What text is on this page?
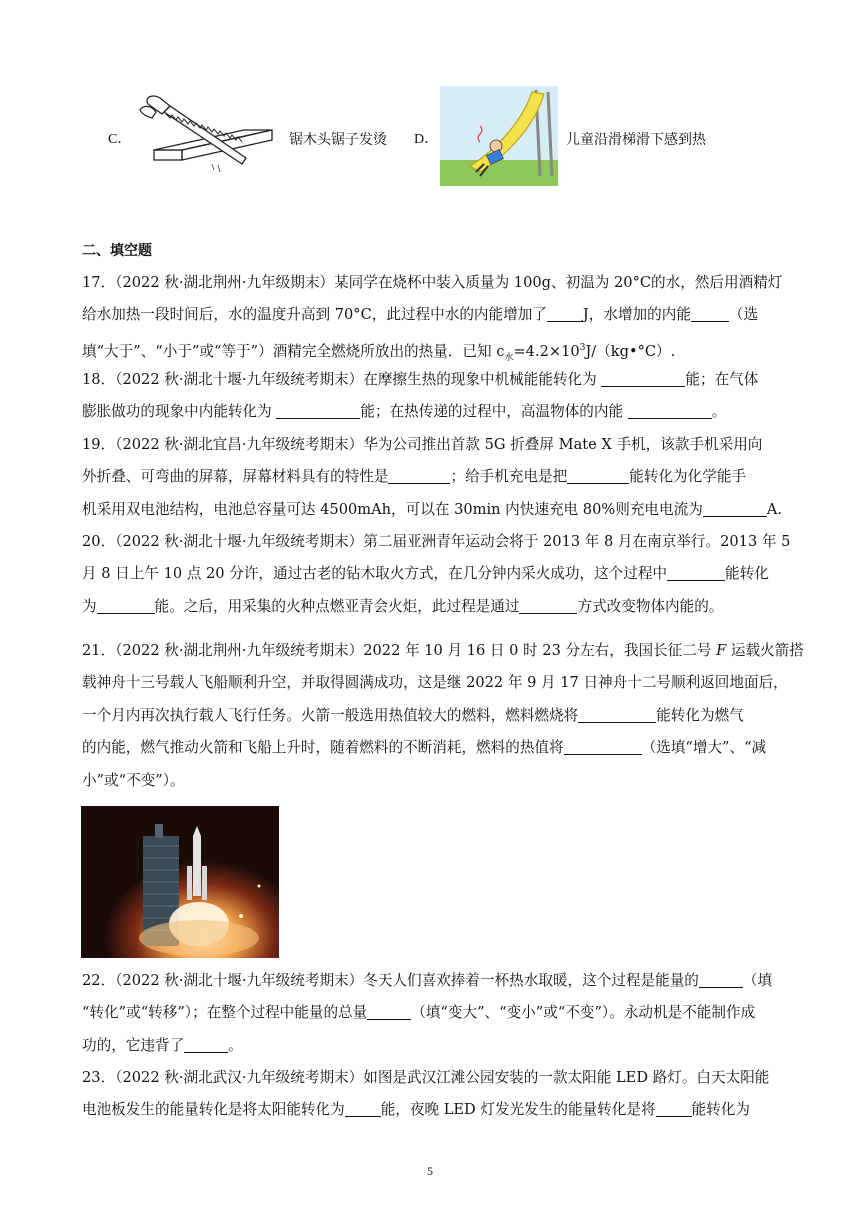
C．	锯木头锯子发烫 D．	儿童沿滑梯滑下感到热
二、填空题
17．（2022 秋·湖北荆州·九年级期末）某同学在烧杯中装入质量为 100g、初温为 20°C的水，然后用酒精灯
给水加热一段时间后，水的温度升高到 70°C，此过程中水的内能增加了 J，水增加的内能	（选
填“大于”、“小于”或“等于”）酒精完全燃烧所放出的热量．已知 $c_水=4.2\times 10^3J/(kg•^\circ C)$.
18．（2022 秋·湖北十堰·九年级统考期末）在摩擦生热的现象中机械能能转化为	能；在气体
膨胀做功的现象中内能转化为	能；在热传递的过程中，高温物体的内能	。
19．（2022 秋·湖北宜昌·九年级统考期末）华为公司推出首款 5G 折叠屏 Mate X 手机，该款手机采用向
外折叠、可弯曲的屏幕，屏幕材料具有的特性是	；给手机充电是把	能转化为化学能手
机采用双电池结构，电池总容量可达 4500mAh，可以在 30min 内快速充电 80%则充电电流为	A.
20．（2022 秋·湖北十堰·九年级统考期末）第二届亚洲青年运动会将于 2013 年 8 月在南京举行。2013 年 5
月 8 日上午 10 点 20 分许，通过古老的钻木取火方式，在几分钟内采火成功，这个过程中	能转化
为	能。之后，用采集的火种点燃亚青会火炬，此过程是通过	方式改变物体内能的。
21．（2022 秋·湖北荆州·九年级统考期末）2022 年 10 月 16 日 0 时 23 分左右，我国长征二号 F 运载火箭搭
载神舟十三号载人飞船顺利升空，并取得圆满成功，这是继 2022 年 9 月 17 日神舟十二号顺利返回地面后，
一个月内再次执行载人飞行任务。火箭一般选用热值较大的燃料，燃料燃烧将	能转化为燃气
的内能，燃气推动火箭和飞船上升时，随着燃料的不断消耗，燃料的热值将	（选填“增大”、“减
小”或“不变”）。
22．（2022 秋·湖北十堰·九年级统考期末）冬天人们喜欢捧着一杯热水取暖，这个过程是能量的	（填
“转化”或“转移”）；在整个过程中能量的总量	（填“变大”、“变小”或“不变”）。永动机是不能制作成
功的，它违背了	。
23．（2022 秋·湖北武汉·九年级统考期末）如图是武汉江滩公园安装的一款太阳能 LED 路灯。白天太阳能
电池板发生的能量转化是将太阳能转化为 能，夜晚 LED 灯发光发生的能量转化是将 能转化为
5
